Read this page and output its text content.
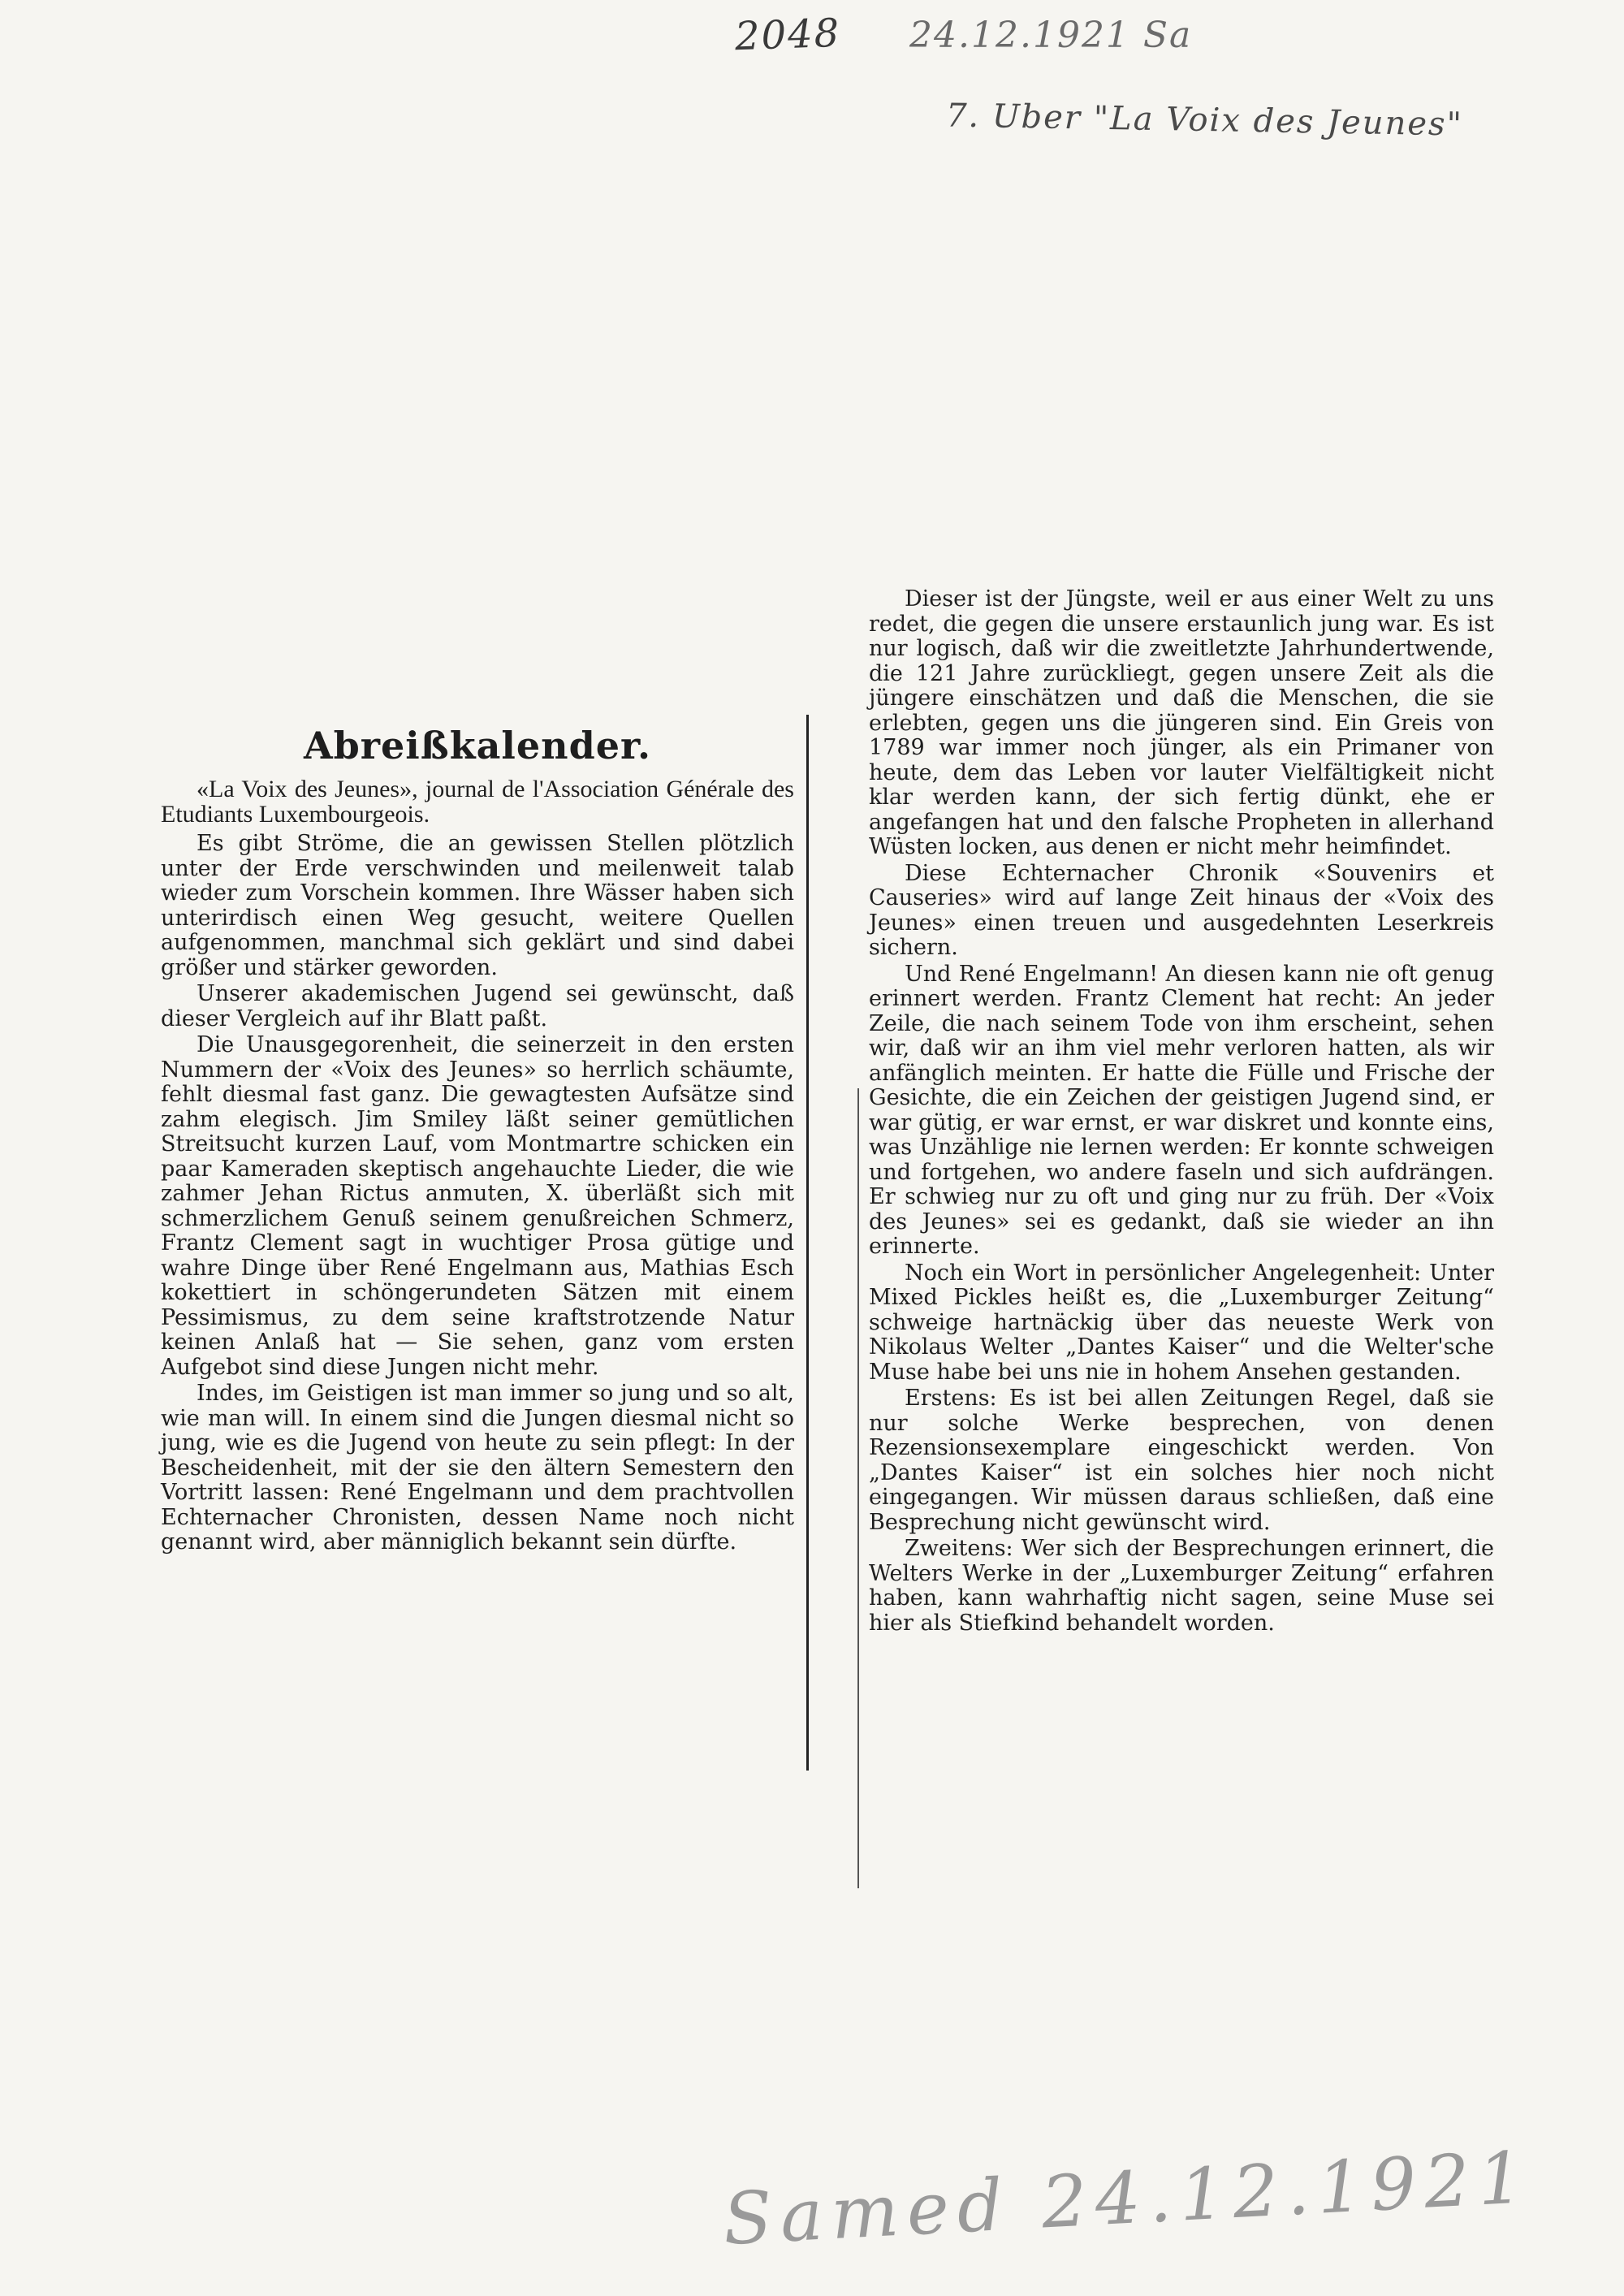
2048 24.12.1921 Sa
7. Uber "La Voix des Jeunes"
Abreißkalender.
«La Voix des Jeunes», journal de l'Association Générale des Etudiants Luxembourgeois.

Es gibt Ströme, die an gewissen Stellen plötzlich unter der Erde verschwinden und meilenweit talab wieder zum Vorschein kommen. Ihre Wässer haben sich unterirdisch einen Weg gesucht, weitere Quellen aufgenommen, manchmal sich geklärt und sind dabei größer und stärker geworden.

Unserer akademischen Jugend sei gewünscht, daß dieser Vergleich auf ihr Blatt paßt.

Die Unausgegorenheit, die seinerzeit in den ersten Nummern der «Voix des Jeunes» so herrlich schäumte, fehlt diesmal fast ganz. Die gewagtesten Aufsätze sind zahm elegisch. Jim Smiley läßt seiner gemütlichen Streitsucht kurzen Lauf, vom Montmartre schicken ein paar Kameraden skeptisch angehauchte Lieder, die wie zahmer Jehan Rictus anmuten, X. überläßt sich mit schmerzlichem Genuß seinem genußreichen Schmerz, Frantz Clement sagt in wuchtiger Prosa gütige und wahre Dinge über René Engelmann aus, Mathias Esch kokettiert in schöngerundeten Sätzen mit einem Pessimismus, zu dem seine kraftstrotzende Natur keinen Anlaß hat — Sie sehen, ganz vom ersten Aufgebot sind diese Jungen nicht mehr.

Indes, im Geistigen ist man immer so jung und so alt, wie man will. In einem sind die Jungen diesmal nicht so jung, wie es die Jugend von heute zu sein pflegt: In der Bescheidenheit, mit der sie den ältern Semestern den Vortritt lassen: René Engelmann und dem prachtvollen Echternacher Chronisten, dessen Name noch nicht genannt wird, aber männiglich bekannt sein dürfte.

Dieser ist der Jüngste, weil er aus einer Welt zu uns redet, die gegen die unsere erstaunlich jung war. Es ist nur logisch, daß wir die zweitletzte Jahrhundertwende, die 121 Jahre zurückliegt, gegen unsere Zeit als die jüngere einschätzen und daß die Menschen, die sie erlebten, gegen uns die jüngeren sind. Ein Greis von 1789 war immer noch jünger, als ein Primaner von heute, dem das Leben vor lauter Vielfältigkeit nicht klar werden kann, der sich fertig dünkt, ehe er angefangen hat und den falsche Propheten in allerhand Wüsten locken, aus denen er nicht mehr heimfindet.

Diese Echternacher Chronik «Souvenirs et Causeries» wird auf lange Zeit hinaus der «Voix des Jeunes» einen treuen und ausgedehnten Leserkreis sichern.

Und René Engelmann! An diesen kann nie oft genug erinnert werden. Frantz Clement hat recht: An jeder Zeile, die nach seinem Tode von ihm erscheint, sehen wir, daß wir an ihm viel mehr verloren hatten, als wir anfänglich meinten. Er hatte die Fülle und Frische der Gesichte, die ein Zeichen der geistigen Jugend sind, er war gütig, er war ernst, er war diskret und konnte eins, was Unzählige nie lernen werden: Er konnte schweigen und fortgehen, wo andere faseln und sich aufdrängen. Er schwieg nur zu oft und ging nur zu früh. Der «Voix des Jeunes» sei es gedankt, daß sie wieder an ihn erinnerte.

Noch ein Wort in persönlicher Angelegenheit: Unter Mixed Pickles heißt es, die „Luxemburger Zeitung“ schweige hartnäckig über das neueste Werk von Nikolaus Welter „Dantes Kaiser“ und die Welter'sche Muse habe bei uns nie in hohem Ansehen gestanden.

Erstens: Es ist bei allen Zeitungen Regel, daß sie nur solche Werke besprechen, von denen Rezensionsexemplare eingeschickt werden. Von „Dantes Kaiser“ ist ein solches hier noch nicht eingegangen. Wir müssen daraus schließen, daß eine Besprechung nicht gewünscht wird.

Zweitens: Wer sich der Besprechungen erinnert, die Welters Werke in der „Luxemburger Zeitung“ erfahren haben, kann wahrhaftig nicht sagen, seine Muse sei hier als Stiefkind behandelt worden.

Samed 24.12.1921
